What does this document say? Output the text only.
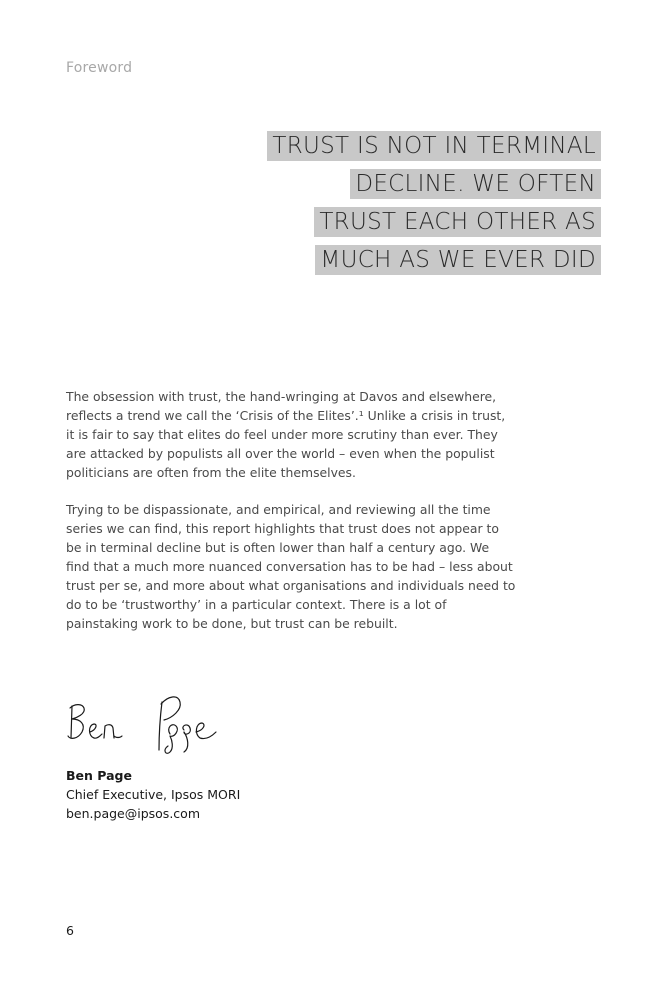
Foreword
TRUST IS NOT IN TERMINAL
DECLINE. WE OFTEN
TRUST EACH OTHER AS
MUCH AS WE EVER DID

The obsession with trust, the hand-wringing at Davos and elsewhere, reflects a trend we call the ‘Crisis of the Elites’.¹ Unlike a crisis in trust, it is fair to say that elites do feel under more scrutiny than ever. They are attacked by populists all over the world – even when the populist politicians are often from the elite themselves.

Trying to be dispassionate, and empirical, and reviewing all the time series we can find, this report highlights that trust does not appear to be in terminal decline but is often lower than half a century ago. We find that a much more nuanced conversation has to be had – less about trust per se, and more about what organisations and individuals need to do to be ‘trustworthy’ in a particular context. There is a lot of painstaking work to be done, but trust can be rebuilt.

Ben Page
Chief Executive, Ipsos MORI
ben.page@ipsos.com
6
